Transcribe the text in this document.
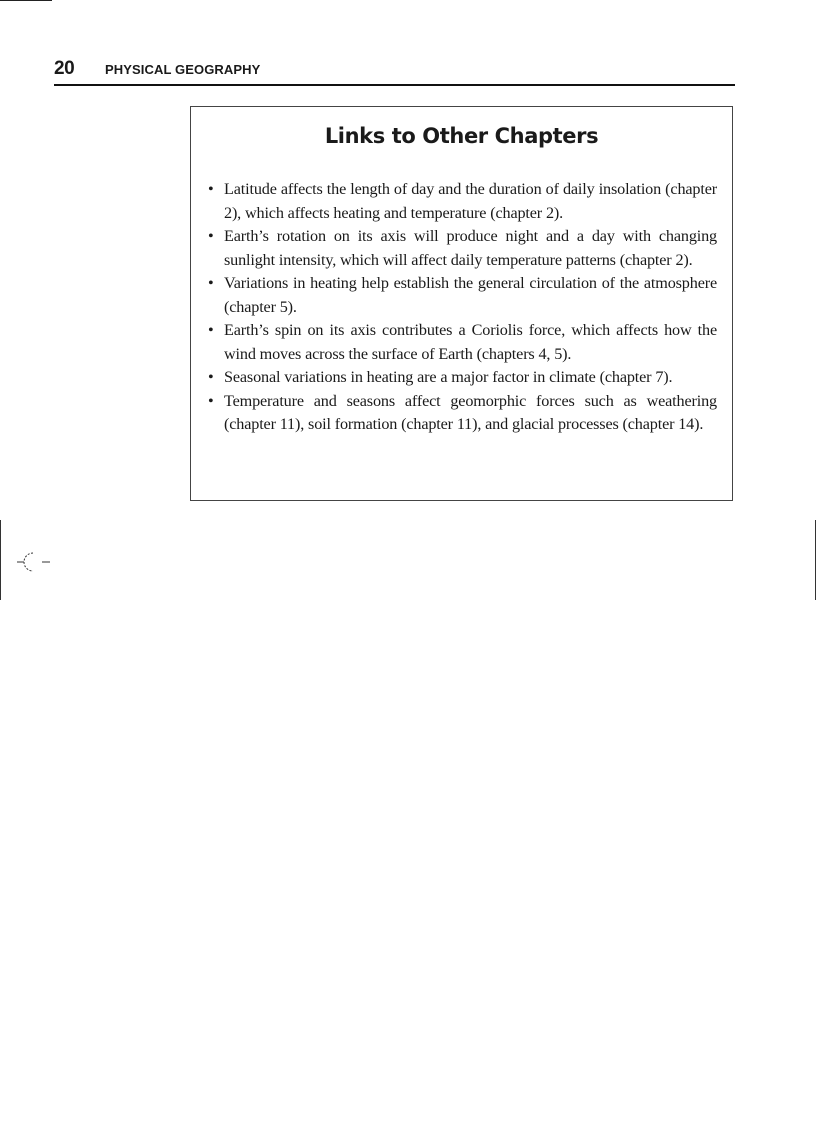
20 PHYSICAL GEOGRAPHY
Links to Other Chapters
• Latitude affects the length of day and the duration of daily insolation (chapter 2), which affects heating and temperature (chapter 2).
• Earth’s rotation on its axis will produce night and a day with changing sunlight intensity, which will affect daily temperature patterns (chapter 2).
• Variations in heating help establish the general circulation of the atmosphere (chapter 5).
• Earth’s spin on its axis contributes a Coriolis force, which affects how the wind moves across the surface of Earth (chapters 4, 5).
• Seasonal variations in heating are a major factor in climate (chapter 7).
• Temperature and seasons affect geomorphic forces such as weathering (chapter 11), soil formation (chapter 11), and glacial processes (chapter 14).
